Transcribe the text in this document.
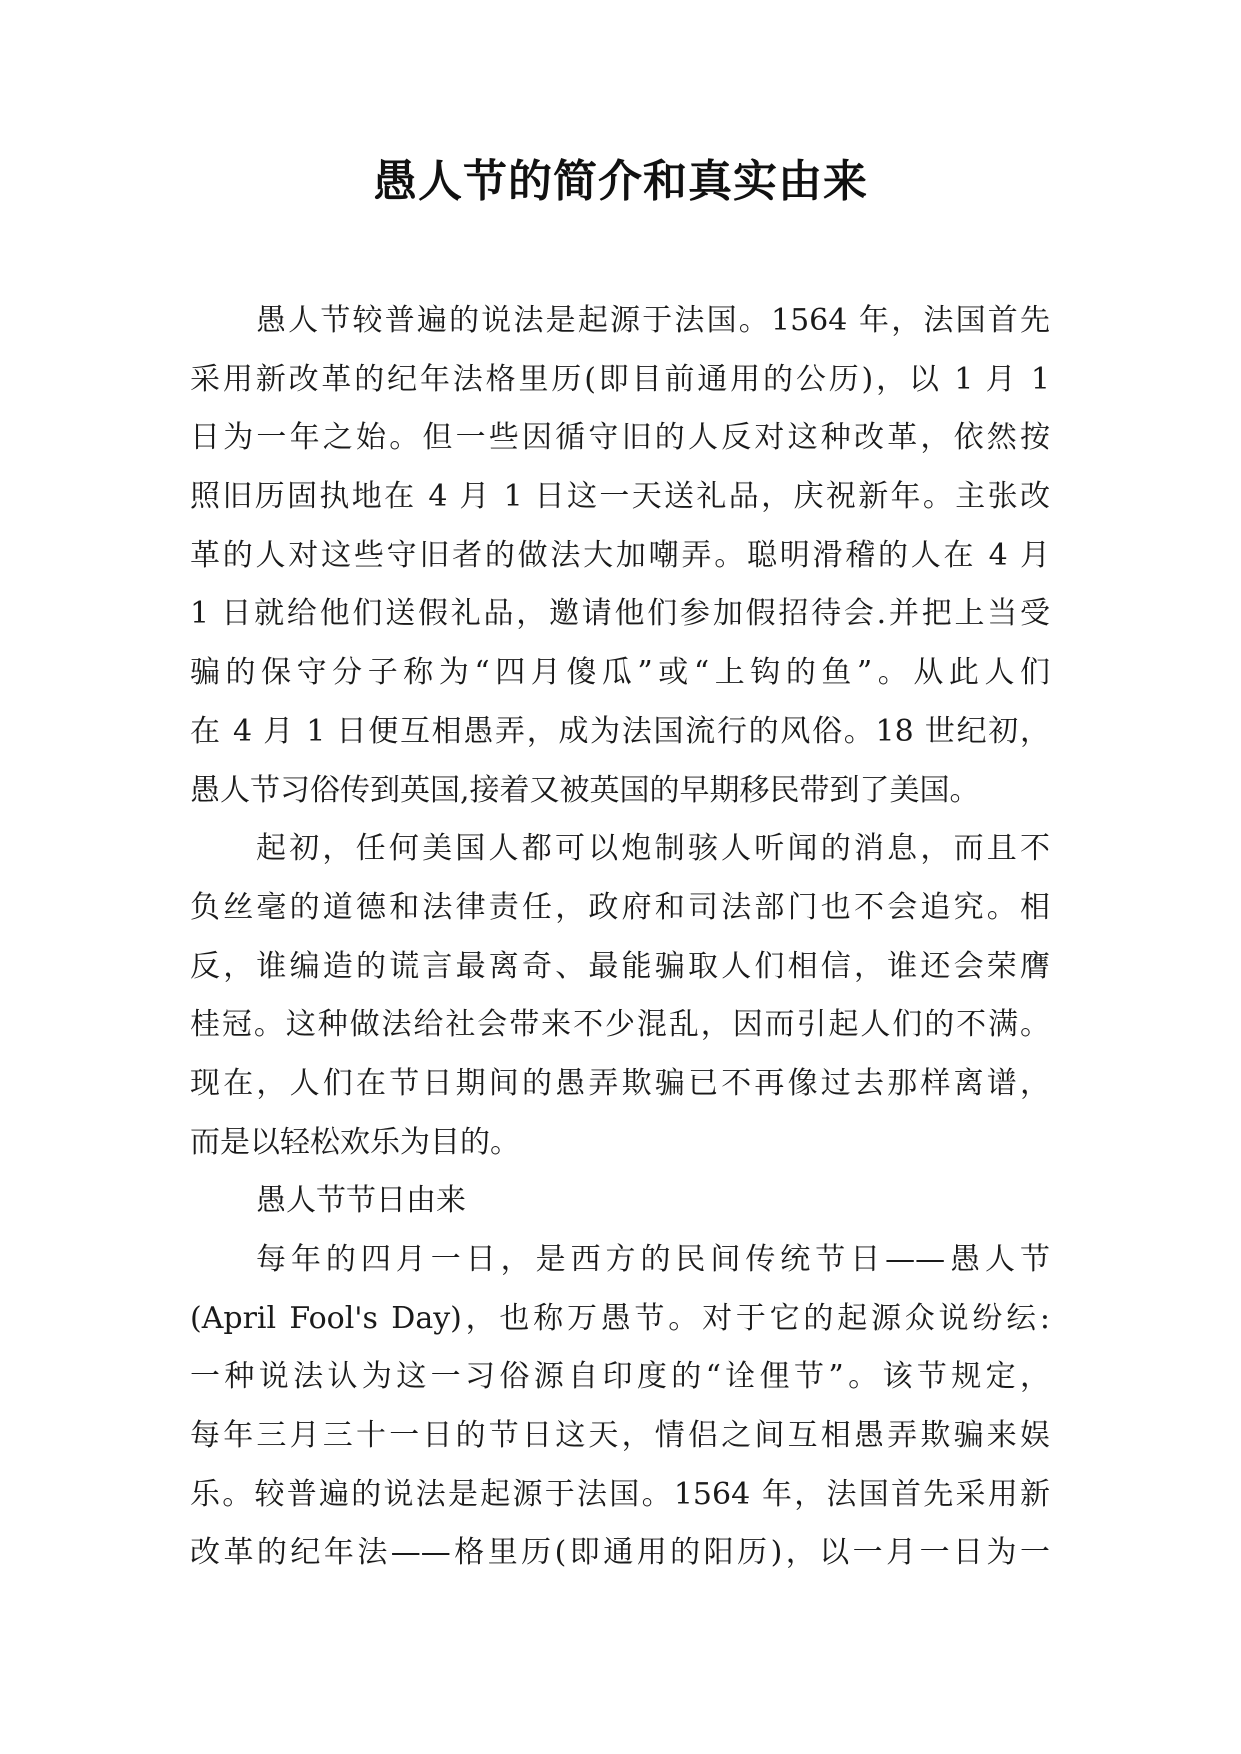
愚人节的简介和真实由来
愚人节较普遍的说法是起源于法国。1564 年，法国首先
采用新改革的纪年法格里历(即目前通用的公历)，以 1 月 1
日为一年之始。但一些因循守旧的人反对这种改革，依然按
照旧历固执地在 4 月 1 日这一天送礼品，庆祝新年。主张改
革的人对这些守旧者的做法大加嘲弄。聪明滑稽的人在 4 月
1 日就给他们送假礼品，邀请他们参加假招待会.并把上当受
骗的保守分子称为“四月傻瓜”或“上钩的鱼”。从此人们
在 4 月 1 日便互相愚弄，成为法国流行的风俗。18 世纪初，
愚人节习俗传到英国,接着又被英国的早期移民带到了美国。
起初，任何美国人都可以炮制骇人听闻的消息，而且不
负丝毫的道德和法律责任，政府和司法部门也不会追究。相
反，谁编造的谎言最离奇、最能骗取人们相信，谁还会荣膺
桂冠。这种做法给社会带来不少混乱，因而引起人们的不满。
现在，人们在节日期间的愚弄欺骗已不再像过去那样离谱，
而是以轻松欢乐为目的。
愚人节节日由来
每年的四月一日，是西方的民间传统节日——愚人节
(April Fool's Day)，也称万愚节。对于它的起源众说纷纭:
一种说法认为这一习俗源自印度的“诠俚节”。该节规定，
每年三月三十一日的节日这天，情侣之间互相愚弄欺骗来娱
乐。较普遍的说法是起源于法国。1564 年，法国首先采用新
改革的纪年法——格里历(即通用的阳历)，以一月一日为一
